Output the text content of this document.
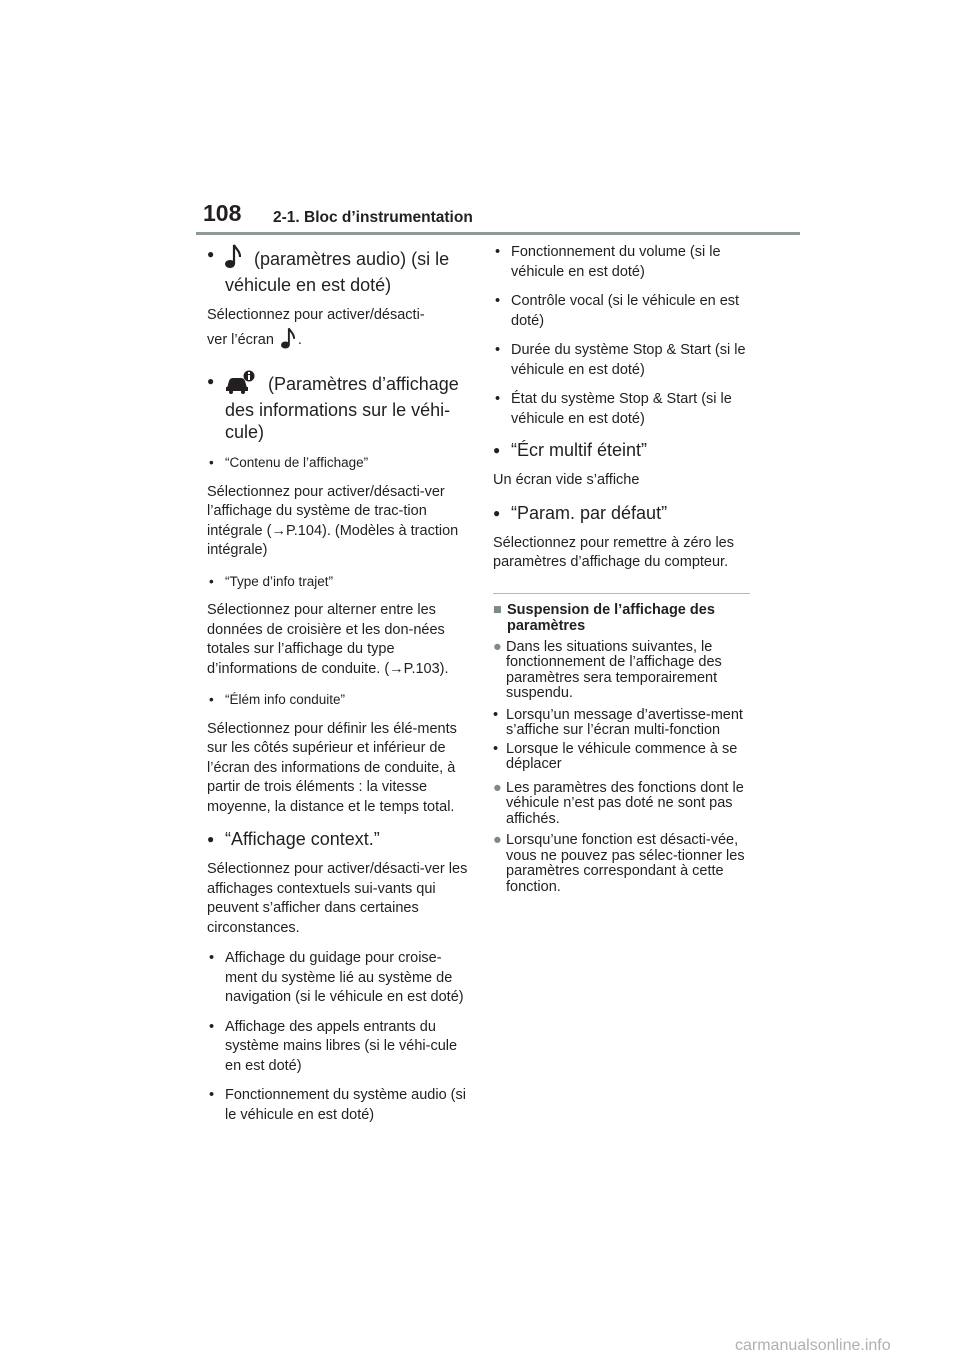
108 2-1. Bloc d’instrumentation
●	(paramètres audio) (si le véhicule en est doté)

Sélectionnez pour activer/désacti-
ver l’écran .

●	(Paramètres d’affichage des informations sur le véhi-cule)
• “Contenu de l’affichage”

Sélectionnez pour activer/désacti-ver l’affichage du système de trac-tion intégrale (→P.104). (Modèles à traction intégrale)

• “Type d’info trajet”

Sélectionnez pour alterner entre les données de croisière et les don-nées totales sur l’affichage du type d’informations de conduite. (→P.103).

• “Élém info conduite”

Sélectionnez pour définir les élé-ments sur les côtés supérieur et inférieur de l’écran des informations de conduite, à partir de trois éléments : la vitesse moyenne, la distance et le temps total.

● “Affichage context.”

Sélectionnez pour activer/désacti-ver les affichages contextuels sui-vants qui peuvent s’afficher dans certaines circonstances.

• Affichage du guidage pour croise-ment du système lié au système de navigation (si le véhicule en est doté)
• Affichage des appels entrants du système mains libres (si le véhi-cule en est doté)
• Fonctionnement du système audio (si le véhicule en est doté)
• Fonctionnement du volume (si le véhicule en est doté)
• Contrôle vocal (si le véhicule en est doté)
• Durée du système Stop & Start (si le véhicule en est doté)
• État du système Stop & Start (si le véhicule en est doté)
● “Écr multif éteint”

Un écran vide s’affiche

● “Param. par défaut”

Sélectionnez pour remettre à zéro les paramètres d’affichage du compteur.

■ Suspension de l’affichage des paramètres
● Dans les situations suivantes, le fonctionnement de l’affichage des paramètres sera temporairement suspendu.
• Lorsqu’un message d’avertisse-ment s’affiche sur l’écran multi-fonction
• Lorsque le véhicule commence à se déplacer
● Les paramètres des fonctions dont le véhicule n’est pas doté ne sont pas affichés.
● Lorsqu’une fonction est désacti-vée, vous ne pouvez pas sélec-tionner les paramètres correspondant à cette fonction.
carmanualsonline.info
